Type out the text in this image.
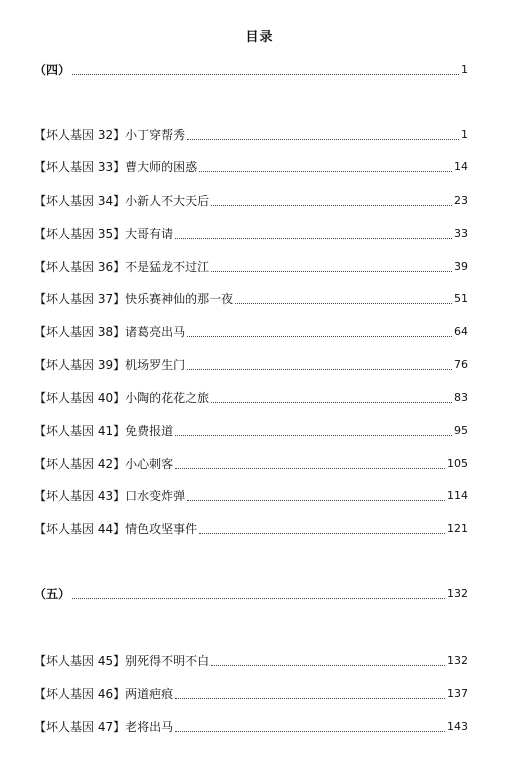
目录
（四）	1
【坏人基因 32】小丁穿帮秀	1
【坏人基因 33】曹大师的困惑	14
【坏人基因 34】小新人不大天后	23
【坏人基因 35】大哥有请	33
【坏人基因 36】不是猛龙不过江	39
【坏人基因 37】快乐赛神仙的那一夜	51
【坏人基因 38】诸葛亮出马	64
【坏人基因 39】机场罗生门	76
【坏人基因 40】小陶的花花之旅	83
【坏人基因 41】免费报道	95
【坏人基因 42】小心刺客	105
【坏人基因 43】口水变炸弹	114
【坏人基因 44】情色攻坚事件	121
（五）	132
【坏人基因 45】别死得不明不白	132
【坏人基因 46】两道疤痕	137
【坏人基因 47】老将出马	143
